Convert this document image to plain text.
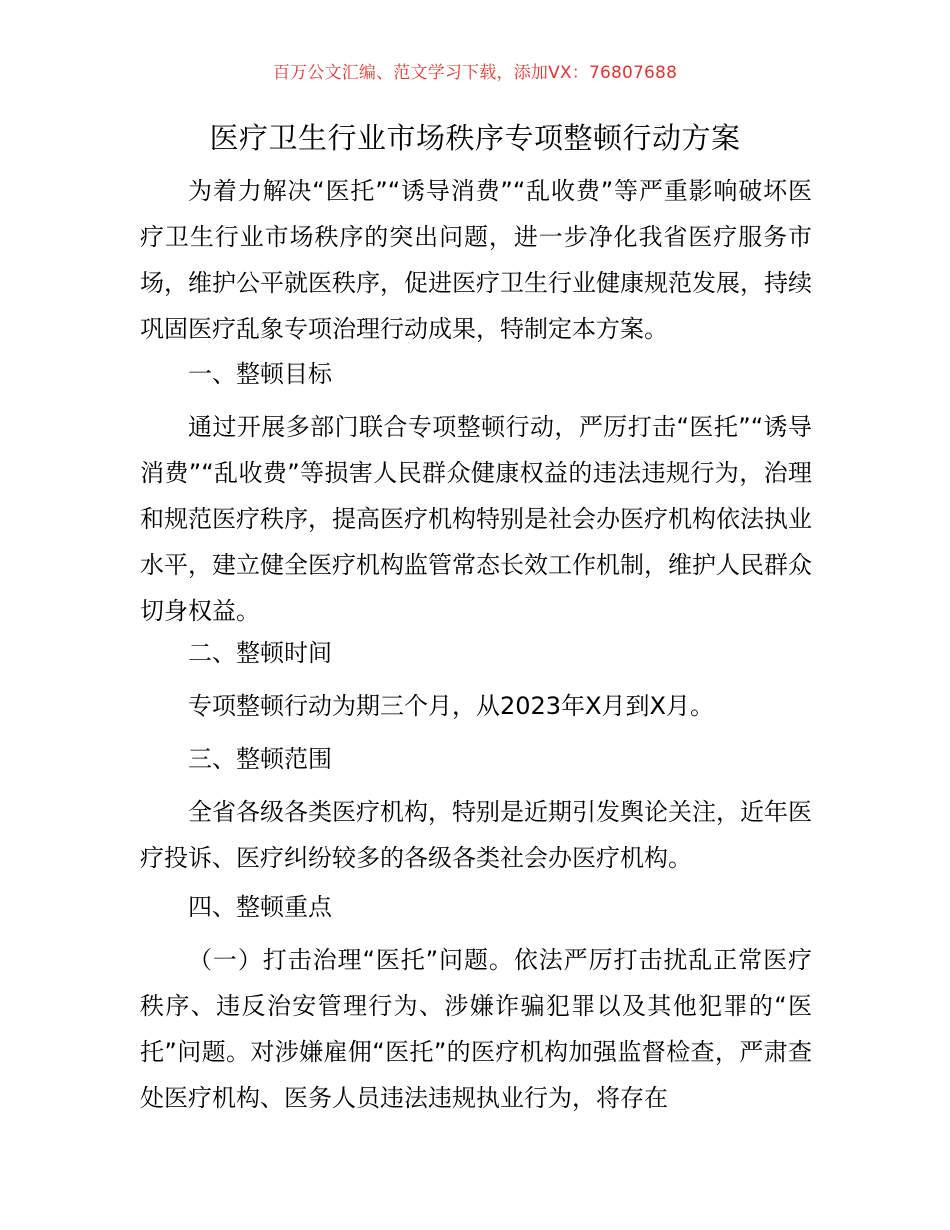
百万公文汇编、范文学习下载，添加VX：76807688
医疗卫生行业市场秩序专项整顿行动方案

为着力解决“医托”“诱导消费”“乱收费”等严重影响破坏医疗卫生行业市场秩序的突出问题，进一步净化我省医疗服务市场，维护公平就医秩序，促进医疗卫生行业健康规范发展，持续巩固医疗乱象专项治理行动成果，特制定本方案。

一、整顿目标

通过开展多部门联合专项整顿行动，严厉打击“医托”“诱导消费”“乱收费”等损害人民群众健康权益的违法违规行为，治理和规范医疗秩序，提高医疗机构特别是社会办医疗机构依法执业水平，建立健全医疗机构监管常态长效工作机制，维护人民群众切身权益。

二、整顿时间

专项整顿行动为期三个月，从2023年X月到X月。

三、整顿范围

全省各级各类医疗机构，特别是近期引发舆论关注，近年医疗投诉、医疗纠纷较多的各级各类社会办医疗机构。

四、整顿重点

（一）打击治理“医托”问题。依法严厉打击扰乱正常医疗秩序、违反治安管理行为、涉嫌诈骗犯罪以及其他犯罪的“医托”问题。对涉嫌雇佣“医托”的医疗机构加强监督检查，严肃查处医疗机构、医务人员违法违规执业行为，将存在
